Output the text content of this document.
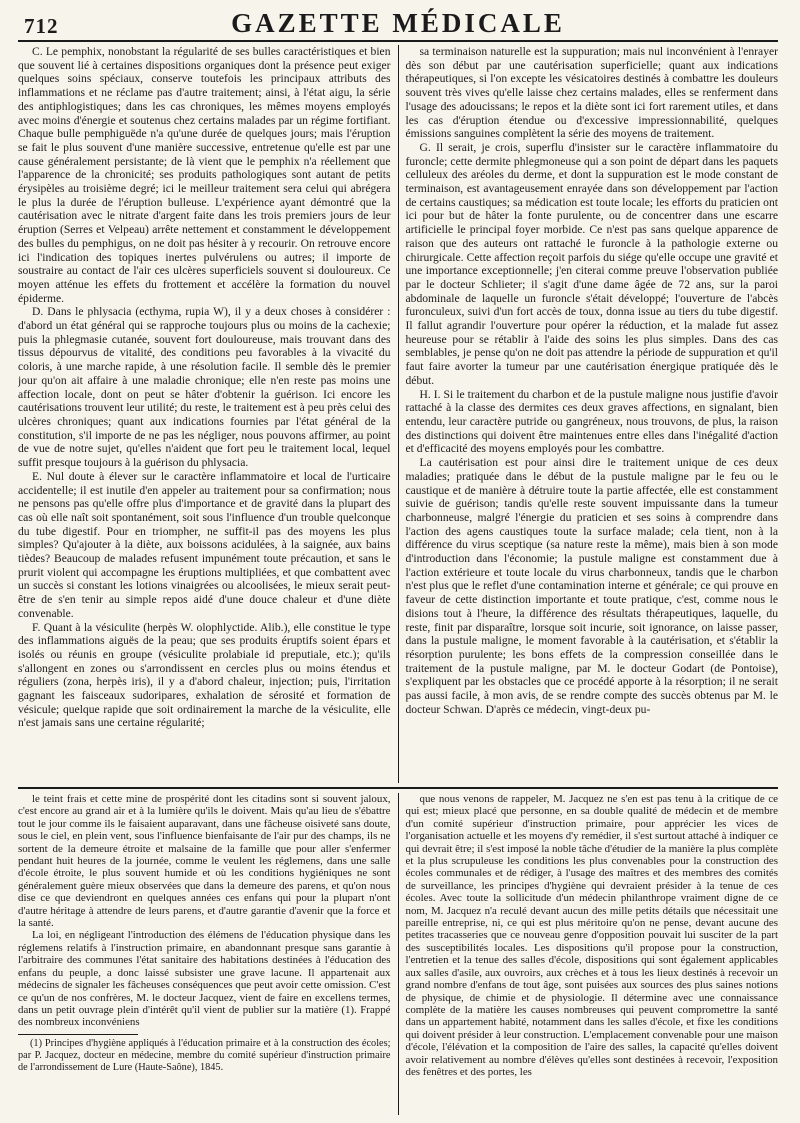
712	GAZETTE MÉDICALE

C. Le pemphix, nonobstant la régularité de ses bulles caractéristiques et bien que souvent lié à certaines dispositions organiques dont la présence peut exiger quelques soins spéciaux, conserve toutefois les principaux attributs des inflammations et ne réclame pas d'autre traitement; ainsi, à l'état aigu, la série des antiphlogistiques; dans les cas chroniques, les mêmes moyens employés avec moins d'énergie et soutenus chez certains malades par un régime fortifiant. Chaque bulle pemphiguëde n'a qu'une durée de quelques jours; mais l'éruption se fait le plus souvent d'une manière successive, entretenue qu'elle est par une cause généralement persistante; de là vient que le pemphix n'a réellement que l'apparence de la chronicité; ses produits pathologiques sont autant de petits érysipèles au troisième degré; ici le meilleur traitement sera celui qui abrégera le plus la durée de l'éruption bulleuse. L'expérience ayant démontré que la cautérisation avec le nitrate d'argent faite dans les trois premiers jours de leur éruption (Serres et Velpeau) arrête nettement et constamment le développement des bulles du pemphigus, on ne doit pas hésiter à y recourir. On retrouve encore ici l'indication des topiques inertes pulvérulens ou autres; il importe de soustraire au contact de l'air ces ulcères superficiels souvent si douloureux. Ce moyen atténue les effets du frottement et accélère la formation du nouvel épiderme.

D. Dans le phlysacia (ecthyma, rupia W), il y a deux choses à considérer : d'abord un état général qui se rapproche toujours plus ou moins de la cachexie; puis la phlegmasie cutanée, souvent fort douloureuse, mais trouvant dans des tissus dépourvus de vitalité, des conditions peu favorables à la vivacité du coloris, à une marche rapide, à une résolution facile. Il semble dès le premier jour qu'on ait affaire à une maladie chronique; elle n'en reste pas moins une affection locale, dont on peut se hâter d'obtenir la guérison. Ici encore les cautérisations trouvent leur utilité; du reste, le traitement est à peu près celui des ulcères chroniques; quant aux indications fournies par l'état général de la constitution, s'il importe de ne pas les négliger, nous pouvons affirmer, au point de vue de notre sujet, qu'elles n'aident que fort peu le traitement local, lequel suffit presque toujours à la guérison du phlysacia.

E. Nul doute à élever sur le caractère inflammatoire et local de l'urticaire accidentelle; il est inutile d'en appeler au traitement pour sa confirmation; nous ne pensons pas qu'elle offre plus d'importance et de gravité dans la plupart des cas où elle naît soit spontanément, soit sous l'influence d'un trouble quelconque du tube digestif. Pour en triompher, ne suffit-il pas des moyens les plus simples? Qu'ajouter à la diète, aux boissons acidulées, à la saignée, aux bains tièdes? Beaucoup de malades refusent impunément toute précaution, et sans le prurit violent qui accompagne les éruptions multipliées, et que combattent avec un succès si constant les lotions vinaigrées ou alcoolisées, le mieux serait peut-être de s'en tenir au simple repos aidé d'une douce chaleur et d'une diète convenable.

F. Quant à la vésiculite (herpès W. olophlyctide. Alib.), elle constitue le type des inflammations aiguës de la peau; que ses produits éruptifs soient épars et isolés ou réunis en groupe (vésiculite prolabiale id preputiale, etc.); qu'ils s'allongent en zones ou s'arrondissent en cercles plus ou moins étendus et réguliers (zona, herpès iris), il y a d'abord chaleur, injection; puis, l'irritation gagnant les faisceaux sudoripares, exhalation de sérosité et formation de vésicule; quelque rapide que soit ordinairement la marche de la vésiculite, elle n'est jamais sans une certaine régularité;

sa terminaison naturelle est la suppuration; mais nul inconvénient à l'enrayer dès son début par une cautérisation superficielle; quant aux indications thérapeutiques, si l'on excepte les vésicatoires destinés à combattre les douleurs souvent très vives qu'elle laisse chez certains malades, elles se renferment dans l'usage des adoucissans; le repos et la diète sont ici fort rarement utiles, et dans les cas d'éruption étendue ou d'excessive impressionnabilité, quelques émissions sanguines complètent la série des moyens de traitement.

G. Il serait, je crois, superflu d'insister sur le caractère inflammatoire du furoncle; cette dermite phlegmoneuse qui a son point de départ dans les paquets celluleux des aréoles du derme, et dont la suppuration est le mode constant de terminaison, est avantageusement enrayée dans son développement par l'action de certains caustiques; sa médication est toute locale; les efforts du praticien ont ici pour but de hâter la fonte purulente, ou de concentrer dans une escarre artificielle le principal foyer morbide. Ce n'est pas sans quelque apparence de raison que des auteurs ont rattaché le furoncle à la pathologie externe ou chirurgicale. Cette affection reçoit parfois du siége qu'elle occupe une gravité et une importance exceptionnelle; j'en citerai comme preuve l'observation publiée par le docteur Schlieter; il s'agit d'une dame âgée de 72 ans, sur la paroi abdominale de laquelle un furoncle s'était développé; l'ouverture de l'abcès furonculeux, suivi d'un fort accès de toux, donna issue au tiers du tube digestif. Il fallut agrandir l'ouverture pour opérer la réduction, et la malade fut assez heureuse pour se rétablir à l'aide des soins les plus simples. Dans des cas semblables, je pense qu'on ne doit pas attendre la période de suppuration et qu'il faut faire avorter la tumeur par une cautérisation énergique pratiquée dès le début.

H. I. Si le traitement du charbon et de la pustule maligne nous justifie d'avoir rattaché à la classe des dermites ces deux graves affections, en signalant, bien entendu, leur caractère putride ou gangréneux, nous trouvons, de plus, la raison des distinctions qui doivent être maintenues entre elles dans l'inégalité d'action et d'efficacité des moyens employés pour les combattre.

La cautérisation est pour ainsi dire le traitement unique de ces deux maladies; pratiquée dans le début de la pustule maligne par le feu ou le caustique et de manière à détruire toute la partie affectée, elle est constamment suivie de guérison; tandis qu'elle reste souvent impuissante dans la tumeur charbonneuse, malgré l'énergie du praticien et ses soins à comprendre dans l'action des agens caustiques toute la surface malade; cela tient, non à la différence du virus sceptique (sa nature reste la même), mais bien à son mode d'introduction dans l'économie; la pustule maligne est constamment due à l'action extérieure et toute locale du virus charbonneux, tandis que le charbon n'est plus que le reflet d'une contamination interne et générale; ce qui prouve en faveur de cette distinction importante et toute pratique, c'est, comme nous le disions tout à l'heure, la différence des résultats thérapeutiques, laquelle, du reste, finit par disparaître, lorsque soit incurie, soit ignorance, on laisse passer, dans la pustule maligne, le moment favorable à la cautérisation, et s'établir la résorption purulente; les bons effets de la compression conseillée dans le traitement de la pustule maligne, par M. le docteur Godart (de Pontoise), s'expliquent par les obstacles que ce procédé apporte à la résorption; il ne serait pas aussi facile, à mon avis, de se rendre compte des succès obtenus par M. le docteur Schwan. D'après ce médecin, vingt-deux pu-

le teint frais et cette mine de prospérité dont les citadins sont si souvent jaloux, c'est encore au grand air et à la lumière qu'ils le doivent. Mais qu'au lieu de s'ébattre tout le jour comme ils le faisaient auparavant, dans une fâcheuse oisiveté sans doute, sous le ciel, en plein vent, sous l'influence bienfaisante de l'air pur des champs, ils ne sortent de la demeure étroite et malsaine de la famille que pour aller s'enfermer pendant huit heures de la journée, comme le veulent les réglemens, dans une salle d'école étroite, le plus souvent humide et où les conditions hygiéniques ne sont généralement guère mieux observées que dans la demeure des parens, et qu'on nous dise ce que deviendront en quelques années ces enfans qui pour la plupart n'ont d'autre héritage à attendre de leurs parens, et d'autre garantie d'avenir que la force et la santé.

La loi, en négligeant l'introduction des élémens de l'éducation physique dans les réglemens relatifs à l'instruction primaire, en abandonnant presque sans garantie à l'arbitraire des communes l'état sanitaire des habitations destinées à l'éducation des enfans du peuple, a donc laissé subsister une grave lacune. Il appartenait aux médecins de signaler les fâcheuses conséquences que peut avoir cette omission. C'est ce qu'un de nos confrères, M. le docteur Jacquez, vient de faire en excellens termes, dans un petit ouvrage plein d'intérêt qu'il vient de publier sur la matière (1). Frappé des nombreux inconvéniens

(1) Principes d'hygiène appliqués à l'éducation primaire et à la construction des écoles; par P. Jacquez, docteur en médecine, membre du comité supérieur d'instruction primaire de l'arrondissement de Lure (Haute-Saône), 1845.

que nous venons de rappeler, M. Jacquez ne s'en est pas tenu à la critique de ce qui est; mieux placé que personne, en sa double qualité de médecin et de membre d'un comité supérieur d'instruction primaire, pour apprécier les vices de l'organisation actuelle et les moyens d'y remédier, il s'est surtout attaché à indiquer ce qui devrait être; il s'est imposé la noble tâche d'étudier de la manière la plus complète et la plus scrupuleuse les conditions les plus convenables pour la construction des écoles communales et de rédiger, à l'usage des maîtres et des membres des comités de surveillance, les principes d'hygiène qui devraient présider à la tenue de ces écoles. Avec toute la sollicitude d'un médecin philanthrope vraiment digne de ce nom, M. Jacquez n'a reculé devant aucun des mille petits détails que nécessitait une pareille entreprise, ni, ce qui est plus méritoire qu'on ne pense, devant aucune des petites tracasseries que ce nouveau genre d'opposition pouvait lui susciter de la part des susceptibilités locales. Les dispositions qu'il propose pour la construction, l'entretien et la tenue des salles d'école, dispositions qui sont également applicables aux salles d'asile, aux ouvroirs, aux crèches et à tous les lieux destinés à recevoir un grand nombre d'enfans de tout âge, sont puisées aux sources des plus saines notions de physique, de chimie et de physiologie. Il détermine avec une connaissance complète de la matière les causes nombreuses qui peuvent compromettre la santé dans un appartement habité, notamment dans les salles d'école, et fixe les conditions qui doivent présider à leur construction. L'emplacement convenable pour une maison d'école, l'élévation et la composition de l'aire des salles, la capacité qu'elles doivent avoir relativement au nombre d'élèves qu'elles sont destinées à recevoir, l'exposition des fenêtres et des portes, les
